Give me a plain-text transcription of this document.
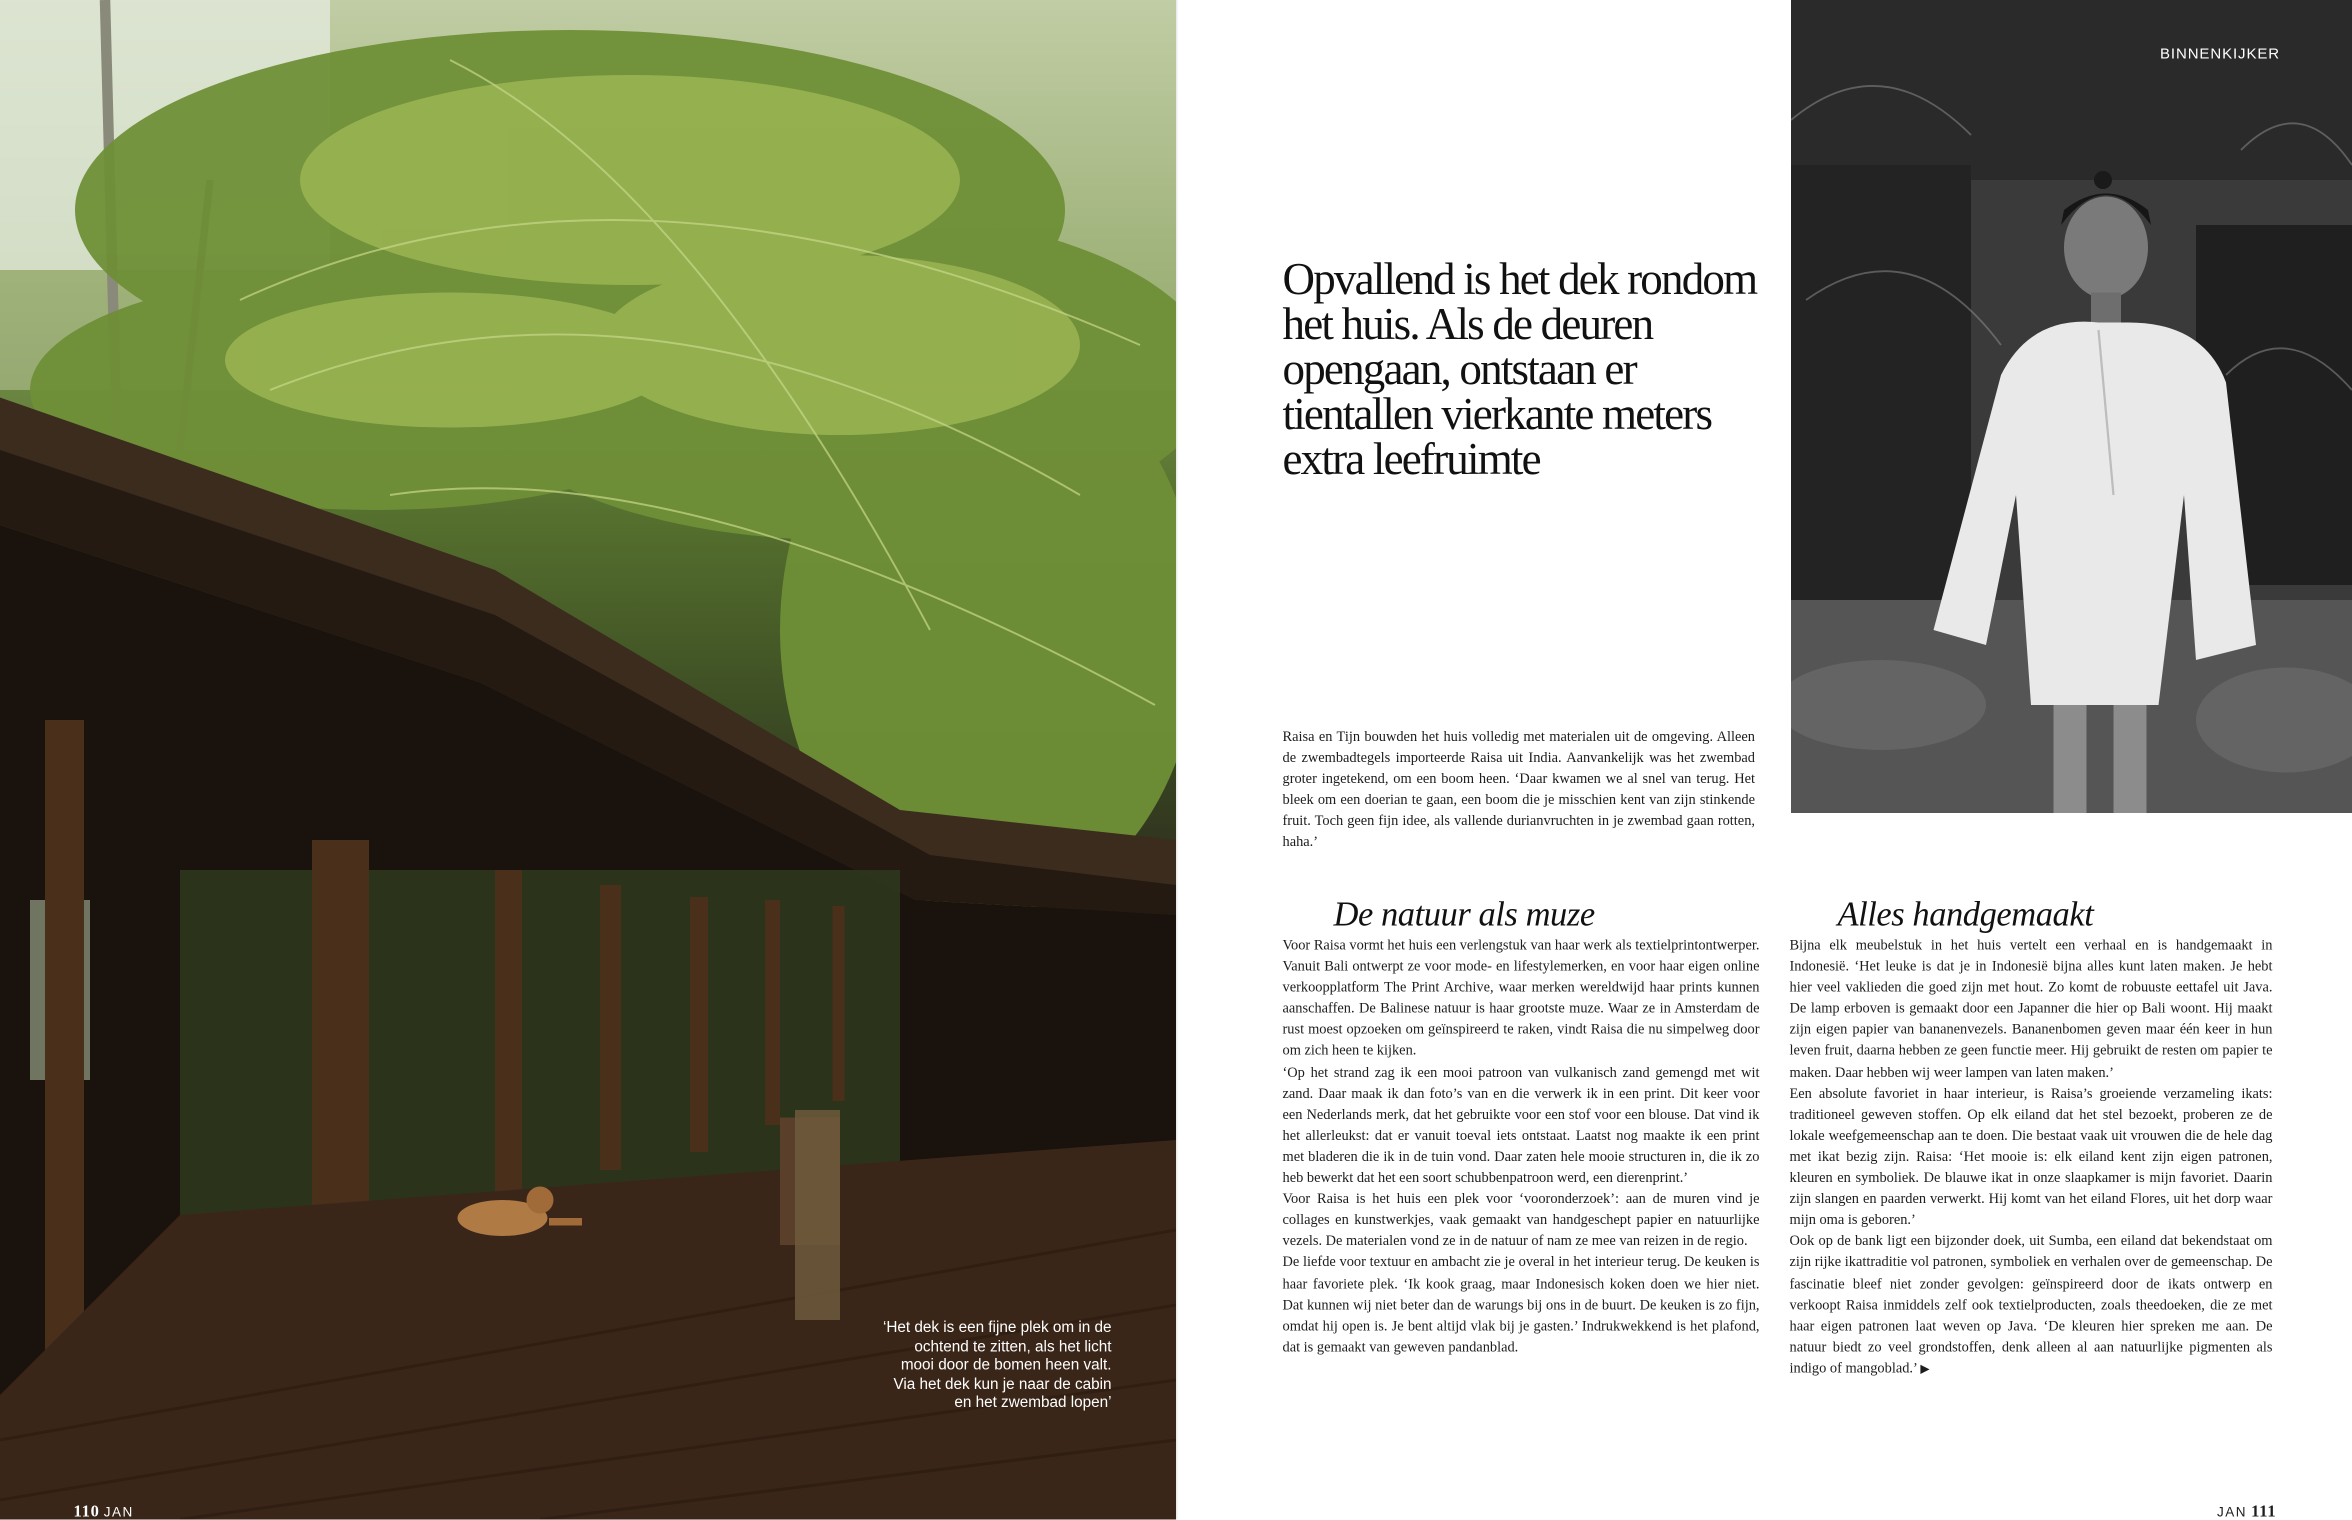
‘Het dek is een fijne plek om in de ochtend te zitten, als het licht mooi door de bomen heen valt. Via het dek kun je naar de cabin en het zwembad lopen’

110 JAN

BINNENKIJKER

Opvallend is het dek rondom het huis. Als de deuren opengaan, ontstaan er tientallen vierkante meters extra leefruimte

Raisa en Tijn bouwden het huis volledig met materialen uit de omgeving. Alleen de zwembadtegels importeerde Raisa uit India. Aanvankelijk was het zwembad groter ingetekend, om een boom heen. ‘Daar kwamen we al snel van terug. Het bleek om een doerian te gaan, een boom die je misschien kent van zijn stinkende fruit. Toch geen fijn idee, als vallende durianvruchten in je zwembad gaan rotten, haha.’

De natuur als muze

Voor Raisa vormt het huis een verlengstuk van haar werk als textielprintontwerper. Vanuit Bali ontwerpt ze voor mode- en lifestylemerken, en voor haar eigen online verkoopplatform The Print Archive, waar merken wereldwijd haar prints kunnen aanschaffen. De Balinese natuur is haar grootste muze. Waar ze in Amsterdam de rust moest opzoeken om geïnspireerd te raken, vindt Raisa die nu simpelweg door om zich heen te kijken.

‘Op het strand zag ik een mooi patroon van vulkanisch zand gemengd met wit zand. Daar maak ik dan foto’s van en die verwerk ik in een print. Dit keer voor een Nederlands merk, dat het gebruikte voor een stof voor een blouse. Dat vind ik het allerleukst: dat er vanuit toeval iets ontstaat. Laatst nog maakte ik een print met bladeren die ik in de tuin vond. Daar zaten hele mooie structuren in, die ik zo heb bewerkt dat het een soort schubbenpatroon werd, een dierenprint.’

Voor Raisa is het huis een plek voor ‘vooronderzoek’: aan de muren vind je collages en kunstwerkjes, vaak gemaakt van handgeschept papier en natuurlijke vezels. De materialen vond ze in de natuur of nam ze mee van reizen in de regio.

De liefde voor textuur en ambacht zie je overal in het interieur terug. De keuken is haar favoriete plek. ‘Ik kook graag, maar Indonesisch koken doen we hier niet. Dat kunnen wij niet beter dan de warungs bij ons in de buurt. De keuken is zo fijn, omdat hij open is. Je bent altijd vlak bij je gasten.’ Indrukwekkend is het plafond, dat is gemaakt van geweven pandanblad.

Alles handgemaakt

Bijna elk meubelstuk in het huis vertelt een verhaal en is handgemaakt in Indonesië. ‘Het leuke is dat je in Indonesië bijna alles kunt laten maken. Je hebt hier veel vaklieden die goed zijn met hout. Zo komt de robuuste eettafel uit Java. De lamp erboven is gemaakt door een Japanner die hier op Bali woont. Hij maakt zijn eigen papier van bananenvezels. Bananenbomen geven maar één keer in hun leven fruit, daarna hebben ze geen functie meer. Hij gebruikt de resten om papier te maken. Daar hebben wij weer lampen van laten maken.’

Een absolute favoriet in haar interieur, is Raisa’s groeiende verzameling ikats: traditioneel geweven stoffen. Op elk eiland dat het stel bezoekt, proberen ze de lokale weefgemeenschap aan te doen. Die bestaat vaak uit vrouwen die de hele dag met ikat bezig zijn. Raisa: ‘Het mooie is: elk eiland kent zijn eigen patronen, kleuren en symboliek. De blauwe ikat in onze slaapkamer is mijn favoriet. Daarin zijn slangen en paarden verwerkt. Hij komt van het eiland Flores, uit het dorp waar mijn oma is geboren.’

Ook op de bank ligt een bijzonder doek, uit Sumba, een eiland dat bekendstaat om zijn rijke ikattraditie vol patronen, symboliek en verhalen over de gemeenschap. De fascinatie bleef niet zonder gevolgen: geïnspireerd door de ikats ontwerp en verkoopt Raisa inmiddels zelf ook textielproducten, zoals theedoeken, die ze met haar eigen patronen laat weven op Java. ‘De kleuren hier spreken me aan. De natuur biedt zo veel grondstoffen, denk alleen al aan natuurlijke pigmenten als indigo of mangoblad.’ ▶

JAN 111
